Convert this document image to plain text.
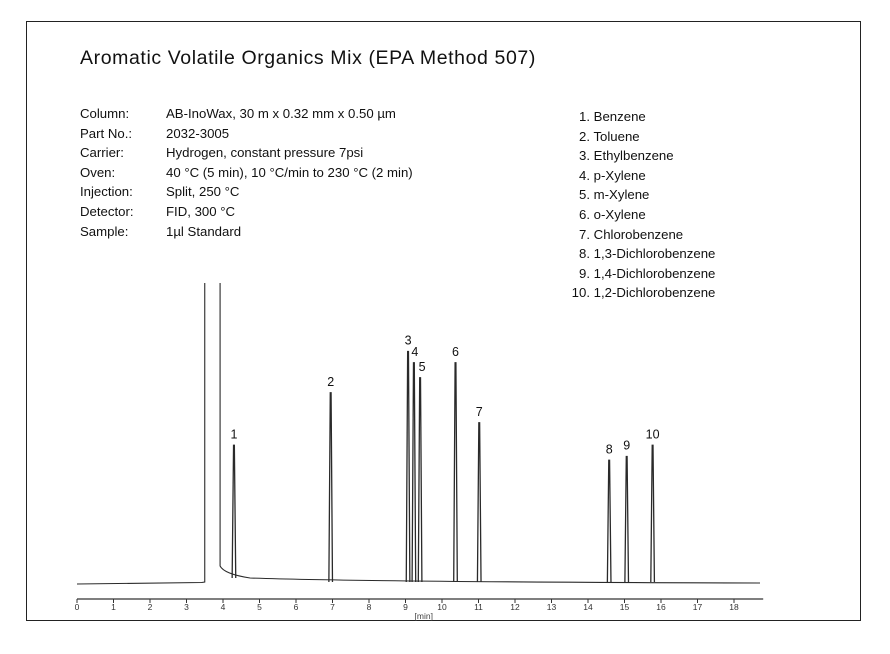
Aromatic Volatile Organics Mix (EPA Method 507)
Column:	AB-InoWax, 30 m x 0.32 mm x 0.50 µm
Part No.:	2032-3005
Carrier:	Hydrogen, constant pressure 7psi
Oven:	40 °C (5 min), 10 °C/min to 230 °C (2 min)
Injection:	Split, 250 °C
Detector:	FID, 300 °C
Sample:	1µl Standard
1. Benzene
2. Toluene
3. Ethylbenzene
4. p-Xylene
5. m-Xylene
6. o-Xylene
7. Chlorobenzene
8. 1,3-Dichlorobenzene
9. 1,4-Dichlorobenzene
10. 1,2-Dichlorobenzene
1
2
3
4
5
6
7
8 9
10
0	1	2	3	4	5	6	7	8	9	10	11	12	13	14	15	16	17	18
[min]
